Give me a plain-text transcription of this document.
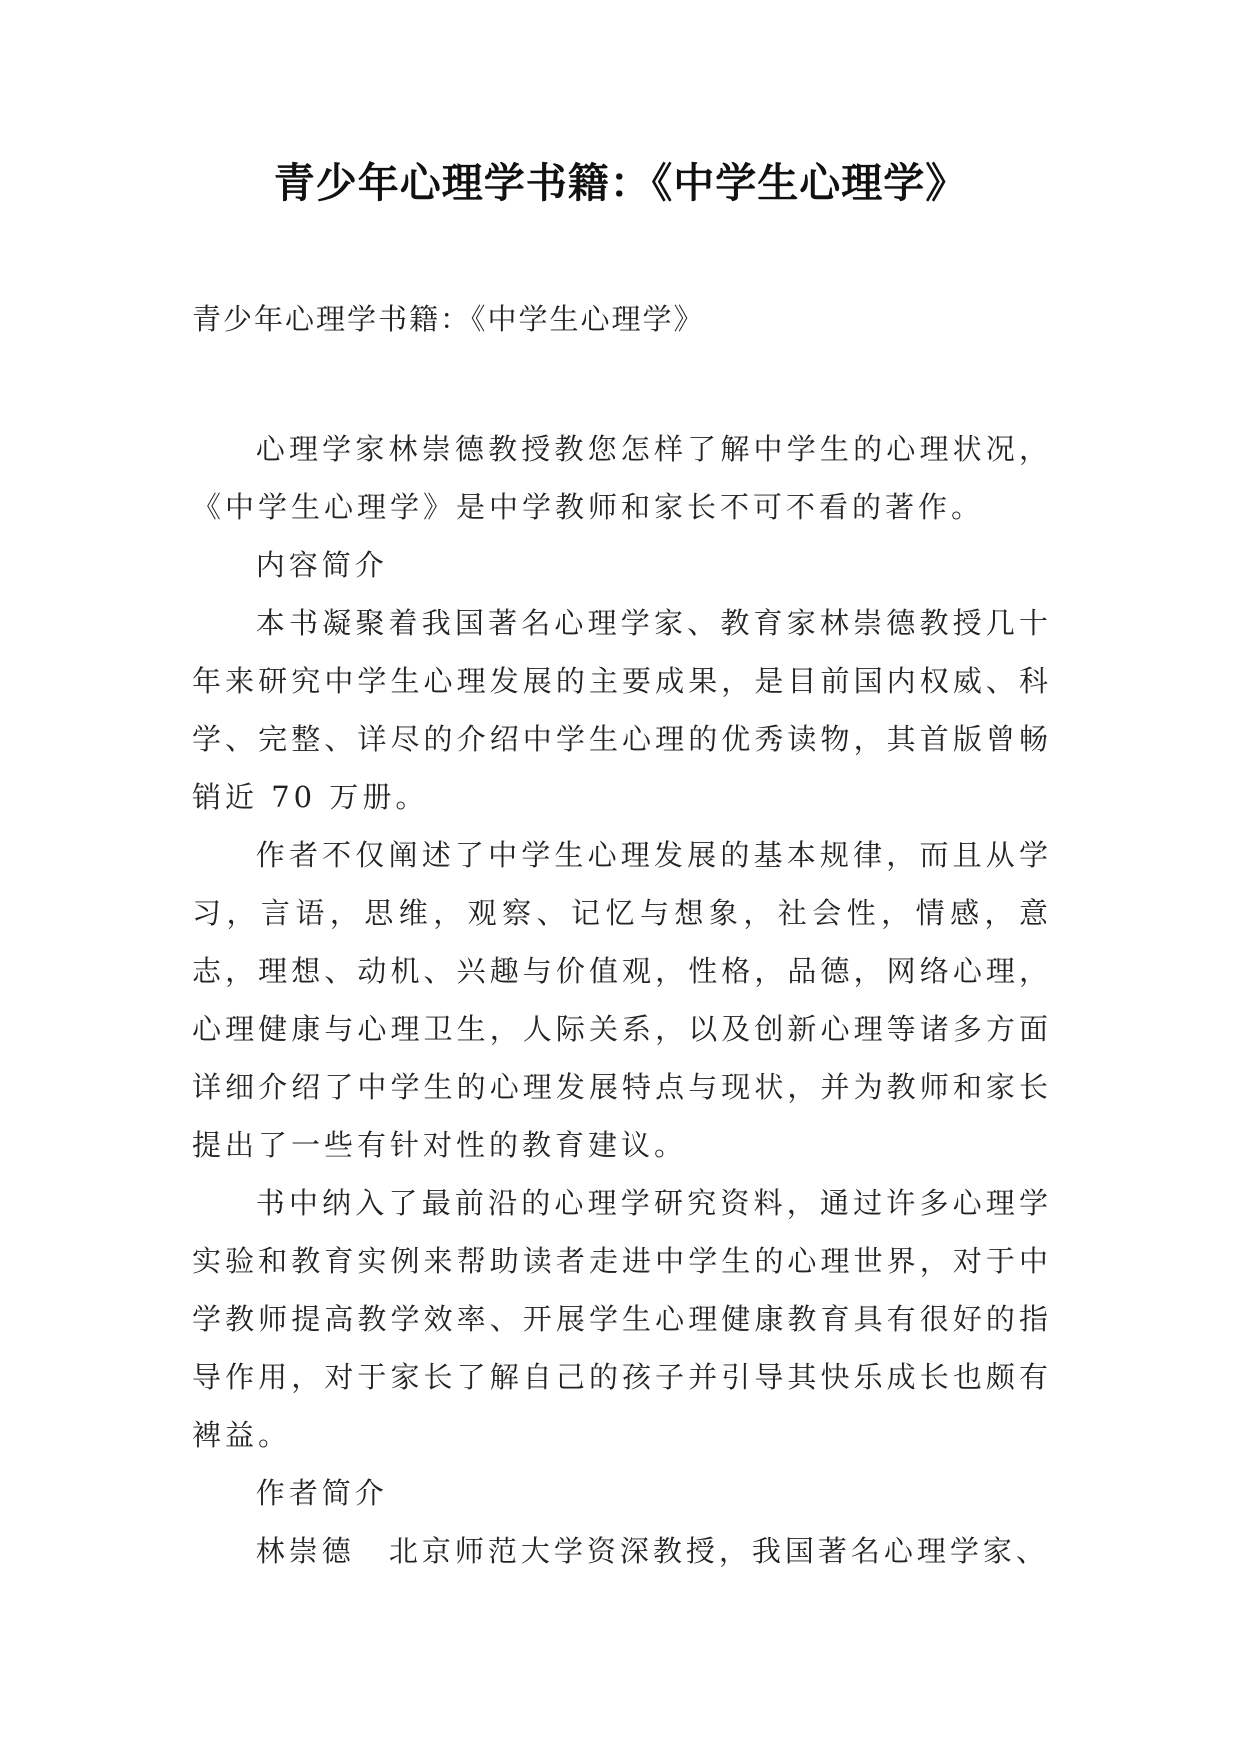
青少年心理学书籍：《中学生心理学》

青少年心理学书籍：《中学生心理学》

心理学家林崇德教授教您怎样了解中学生的心理状况，《中学生心理学》是中学教师和家长不可不看的著作。

内容简介

本书凝聚着我国著名心理学家、教育家林崇德教授几十年来研究中学生心理发展的主要成果，是目前国内权威、科学、完整、详尽的介绍中学生心理的优秀读物，其首版曾畅销近 70 万册。

作者不仅阐述了中学生心理发展的基本规律，而且从学习，言语，思维，观察、记忆与想象，社会性，情感，意志，理想、动机、兴趣与价值观，性格，品德，网络心理，心理健康与心理卫生，人际关系，以及创新心理等诸多方面详细介绍了中学生的心理发展特点与现状，并为教师和家长提出了一些有针对性的教育建议。

书中纳入了最前沿的心理学研究资料，通过许多心理学实验和教育实例来帮助读者走进中学生的心理世界，对于中学教师提高教学效率、开展学生心理健康教育具有很好的指导作用，对于家长了解自己的孩子并引导其快乐成长也颇有裨益。

作者简介

林崇德 北京师范大学资深教授，我国著名心理学家、
